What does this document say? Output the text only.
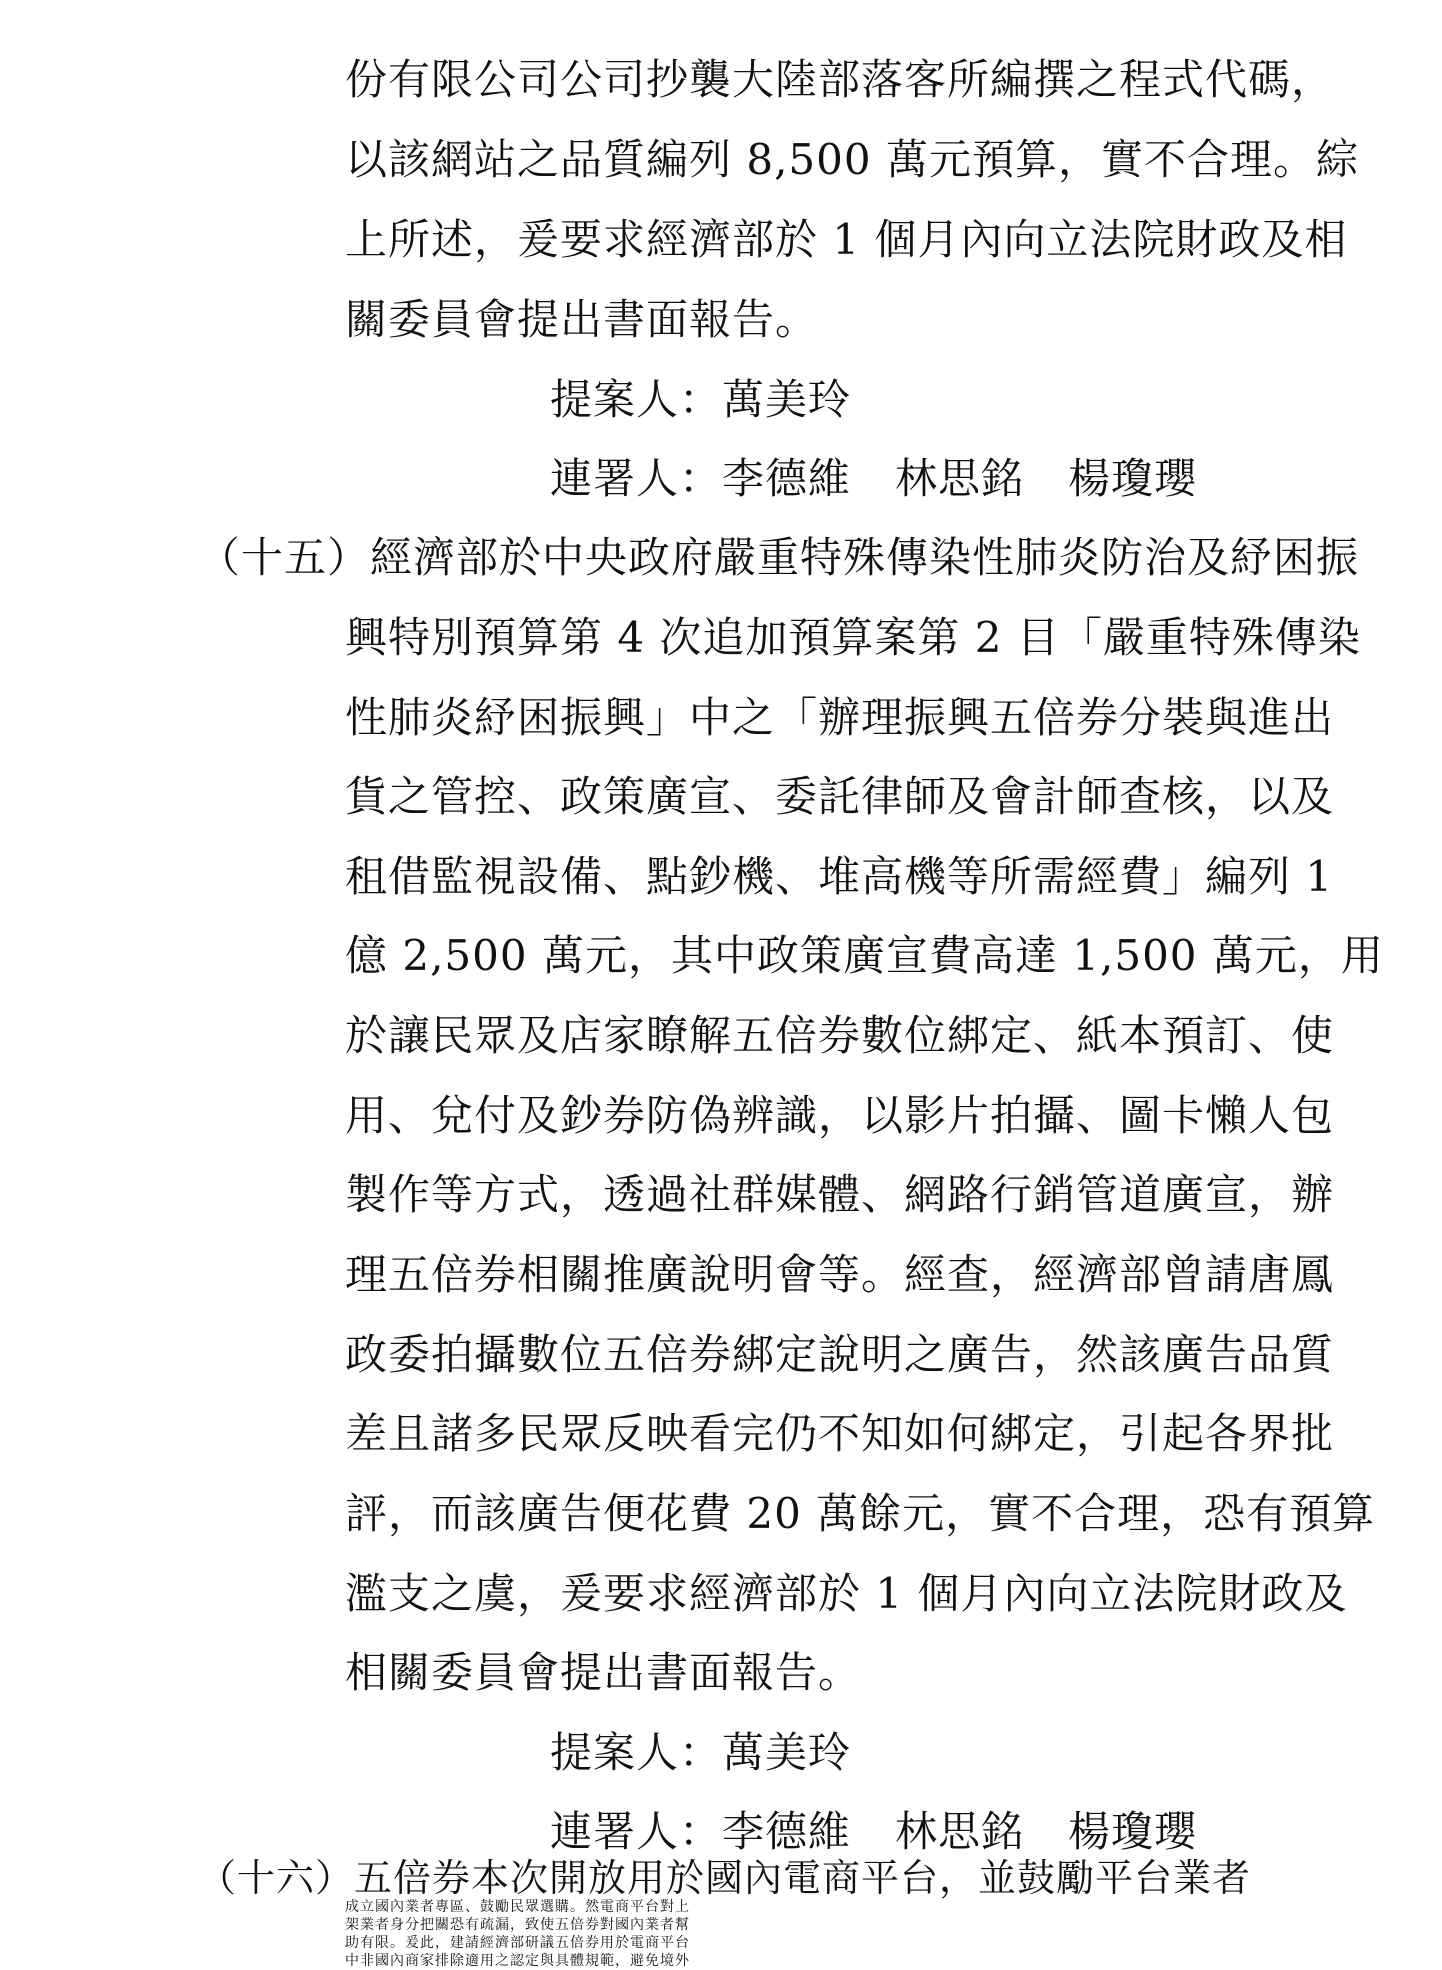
份有限公司公司抄襲大陸部落客所編撰之程式代碼，
以該網站之品質編列 8,500 萬元預算，實不合理。綜
上所述，爰要求經濟部於 1 個月內向立法院財政及相
關委員會提出書面報告。
提案人：萬美玲
連署人：李德維 林思銘 楊瓊瓔
（十五）經濟部於中央政府嚴重特殊傳染性肺炎防治及紓困振
興特別預算第 4 次追加預算案第 2 目「嚴重特殊傳染
性肺炎紓困振興」中之「辦理振興五倍券分裝與進出
貨之管控、政策廣宣、委託律師及會計師查核，以及
租借監視設備、點鈔機、堆高機等所需經費」編列 1
億 2,500 萬元，其中政策廣宣費高達 1,500 萬元，用
於讓民眾及店家瞭解五倍券數位綁定、紙本預訂、使
用、兌付及鈔券防偽辨識，以影片拍攝、圖卡懶人包
製作等方式，透過社群媒體、網路行銷管道廣宣，辦
理五倍券相關推廣說明會等。經查，經濟部曾請唐鳳
政委拍攝數位五倍券綁定說明之廣告，然該廣告品質
差且諸多民眾反映看完仍不知如何綁定，引起各界批
評，而該廣告便花費 20 萬餘元，實不合理，恐有預算
濫支之虞，爰要求經濟部於 1 個月內向立法院財政及
相關委員會提出書面報告。
提案人：萬美玲
連署人：李德維 林思銘 楊瓊瓔
（十六）五倍券本次開放用於國內電商平台，並鼓勵平台業者
成立國內業者專區、鼓勵民眾選購。然電商平台對上
架業者身分把關恐有疏漏，致使五倍券對國內業者幫
助有限。爰此，建請經濟部研議五倍券用於電商平台
中非國內商家排除適用之認定與具體規範，避免境外
